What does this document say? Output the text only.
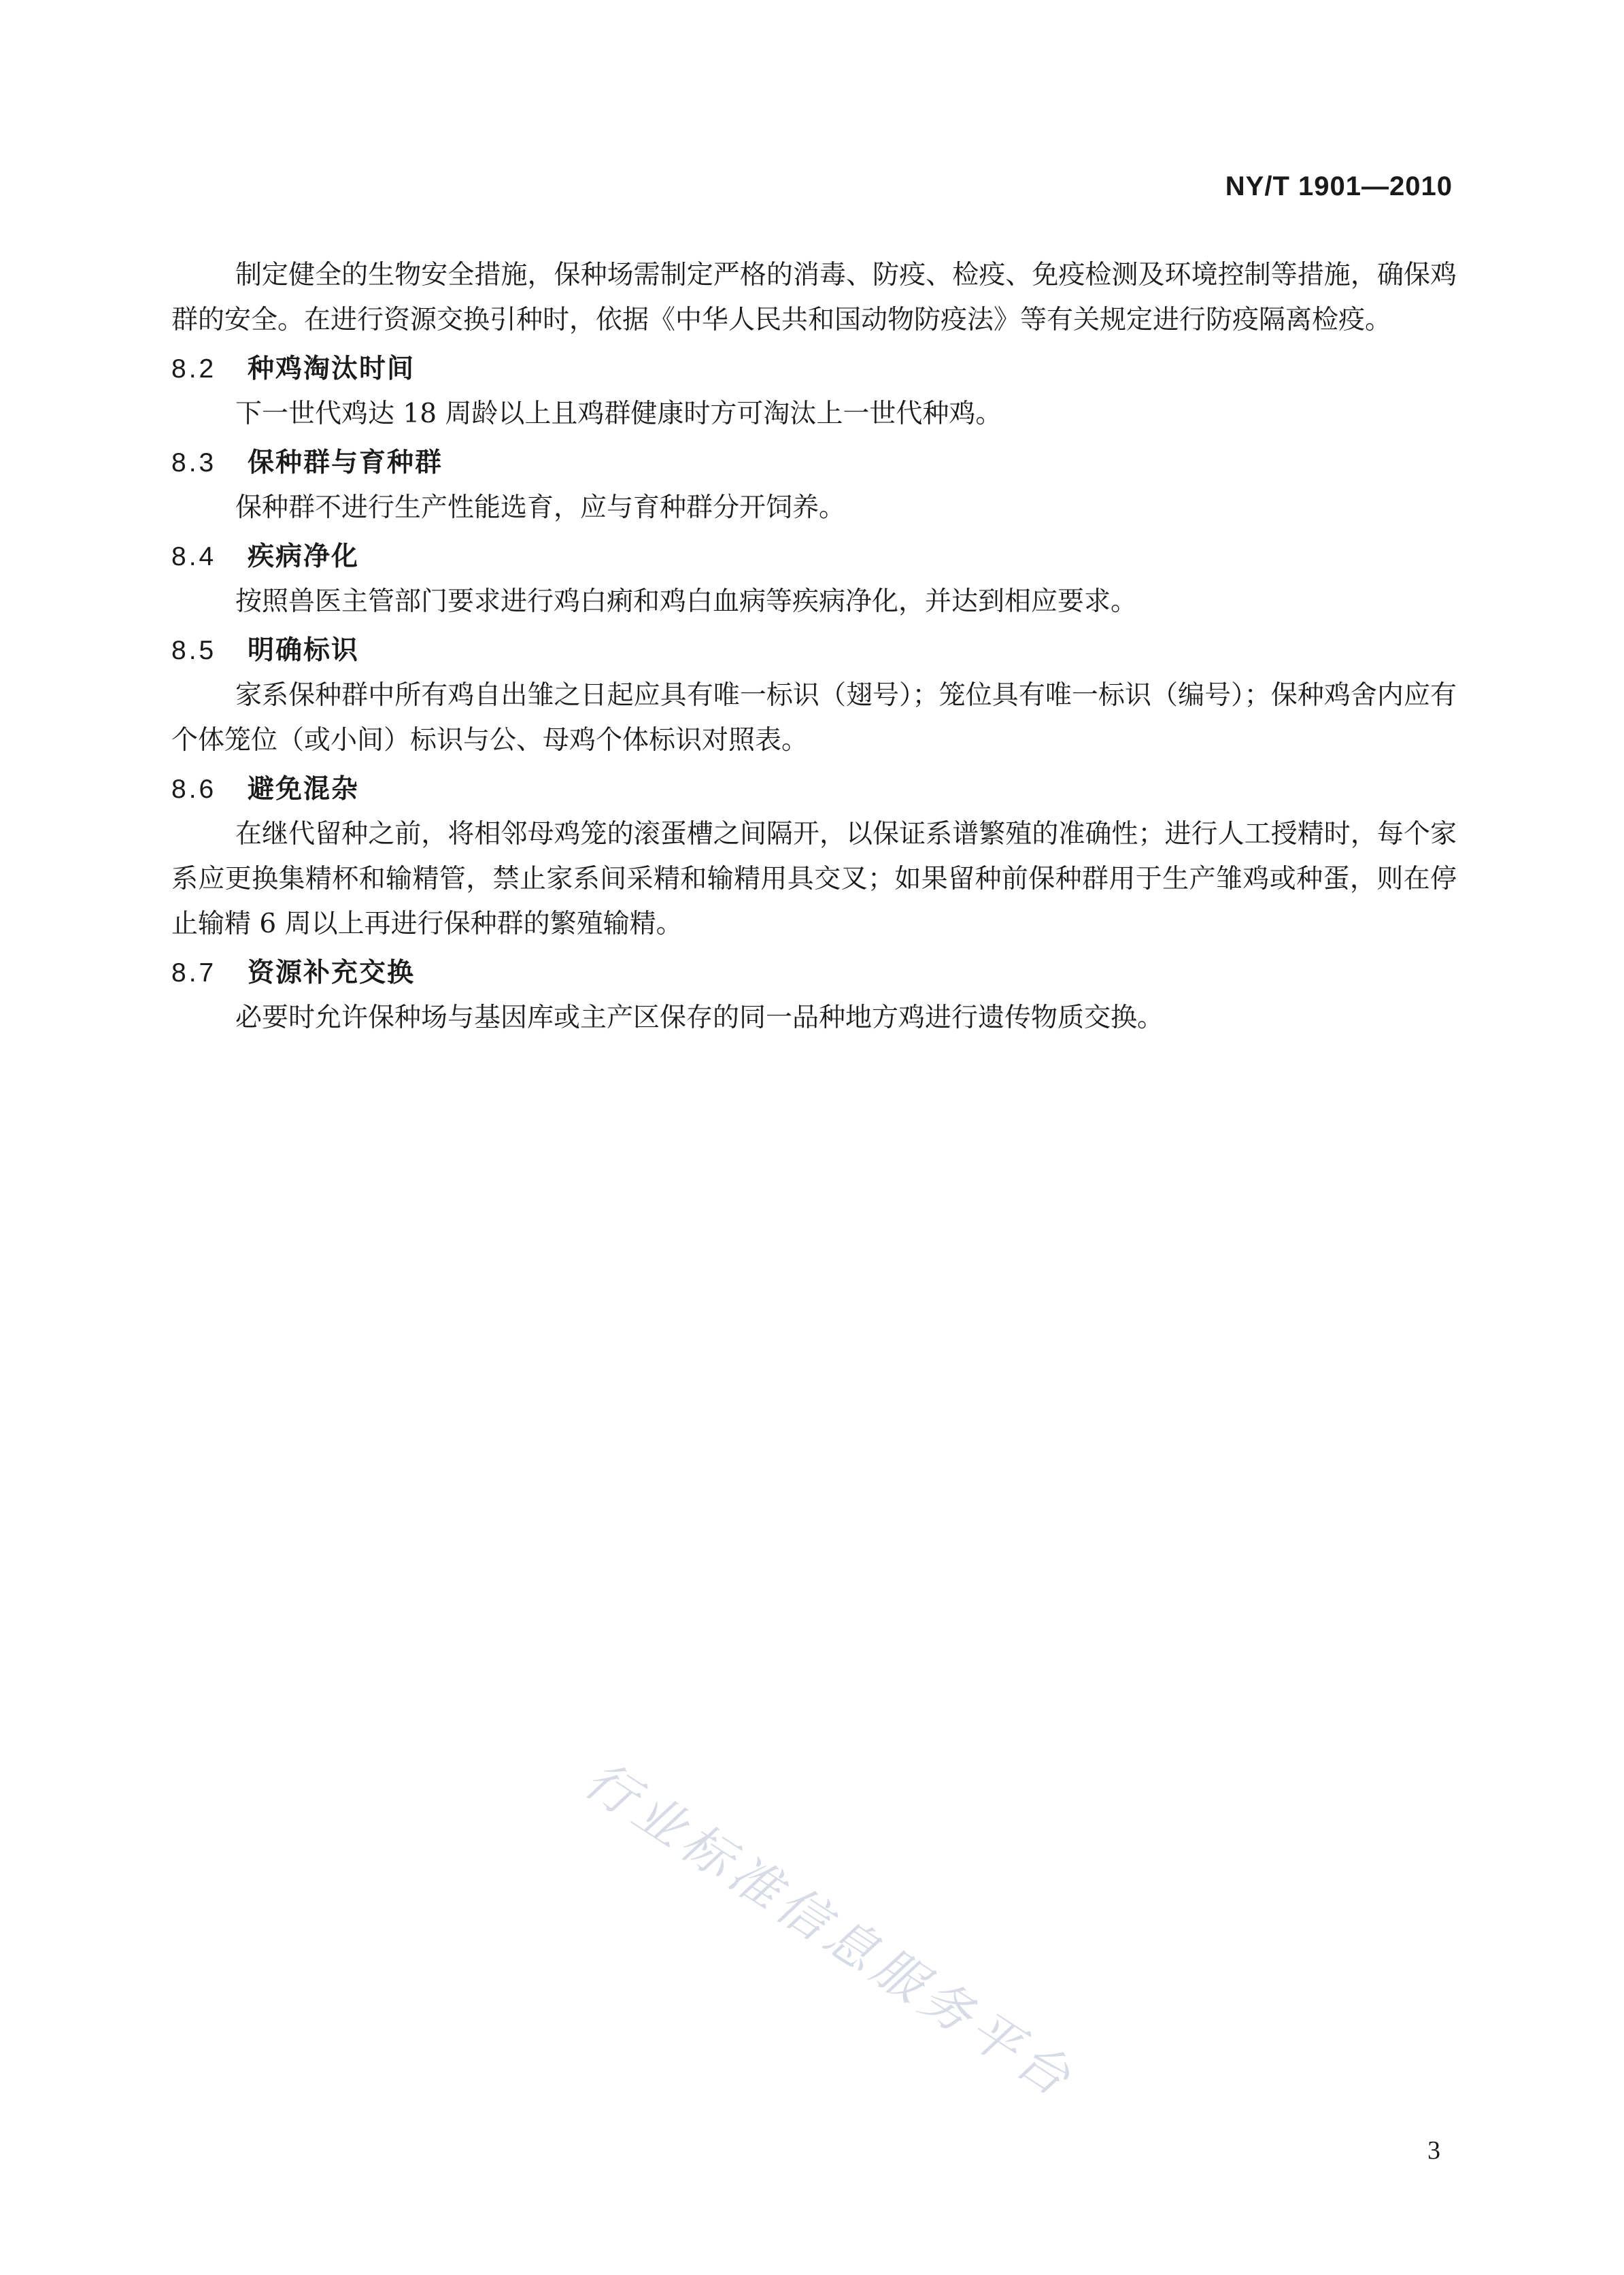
NY/T 1901—2010

制定健全的生物安全措施，保种场需制定严格的消毒、防疫、检疫、免疫检测及环境控制等措施，确保鸡群的安全。在进行资源交换引种时，依据《中华人民共和国动物防疫法》等有关规定进行防疫隔离检疫。

8.2	种鸡淘汰时间

下一世代鸡达 18 周龄以上且鸡群健康时方可淘汰上一世代种鸡。

8.3	保种群与育种群

保种群不进行生产性能选育，应与育种群分开饲养。

8.4	疾病净化

按照兽医主管部门要求进行鸡白痢和鸡白血病等疾病净化，并达到相应要求。

8.5	明确标识

家系保种群中所有鸡自出雏之日起应具有唯一标识（翅号）；笼位具有唯一标识（编号）；保种鸡舍内应有个体笼位（或小间）标识与公、母鸡个体标识对照表。

8.6	避免混杂

在继代留种之前，将相邻母鸡笼的滚蛋槽之间隔开，以保证系谱繁殖的准确性；进行人工授精时，每个家系应更换集精杯和输精管，禁止家系间采精和输精用具交叉；如果留种前保种群用于生产雏鸡或种蛋，则在停止输精 6 周以上再进行保种群的繁殖输精。

8.7	资源补充交换

必要时允许保种场与基因库或主产区保存的同一品种地方鸡进行遗传物质交换。

行业标准信息服务平台
3
